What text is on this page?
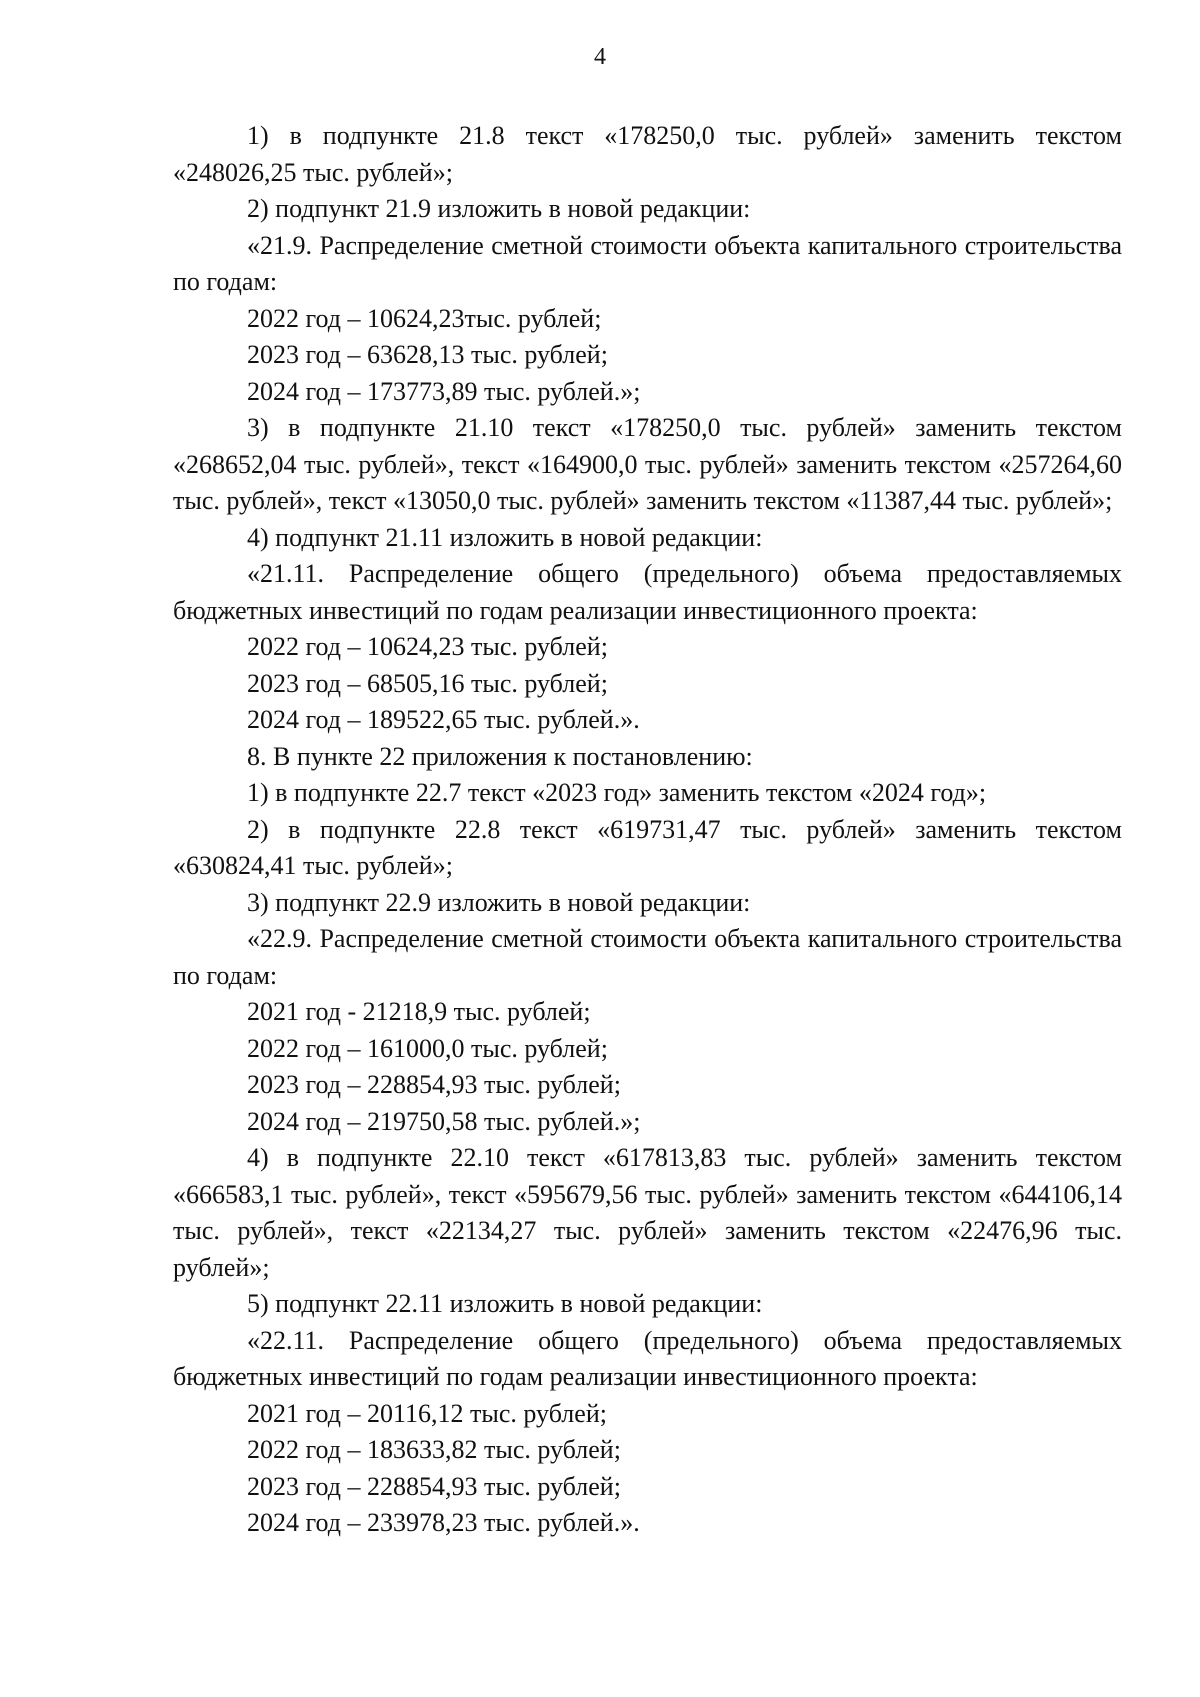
4

1) в подпункте 21.8 текст «178250,0 тыс. рублей» заменить текстом «248026,25 тыс. рублей»;

2) подпункт 21.9 изложить в новой редакции:

«21.9. Распределение сметной стоимости объекта капитального строительства по годам:

2022 год – 10624,23тыс. рублей;

2023 год – 63628,13 тыс. рублей;

2024 год – 173773,89 тыс. рублей.»;

3) в подпункте 21.10 текст «178250,0 тыс. рублей» заменить текстом «268652,04 тыс. рублей», текст «164900,0 тыс. рублей» заменить текстом «257264,60 тыс. рублей», текст «13050,0 тыс. рублей» заменить текстом «11387,44 тыс. рублей»;

4) подпункт 21.11 изложить в новой редакции:

«21.11. Распределение общего (предельного) объема предоставляемых бюджетных инвестиций по годам реализации инвестиционного проекта:

2022 год – 10624,23 тыс. рублей;

2023 год – 68505,16 тыс. рублей;

2024 год – 189522,65 тыс. рублей.».

8. В пункте 22 приложения к постановлению:

1) в подпункте 22.7 текст «2023 год» заменить текстом «2024 год»;

2) в подпункте 22.8 текст «619731,47 тыс. рублей» заменить текстом «630824,41 тыс. рублей»;

3) подпункт 22.9 изложить в новой редакции:

«22.9. Распределение сметной стоимости объекта капитального строительства по годам:

2021 год - 21218,9 тыс. рублей;

2022 год – 161000,0 тыс. рублей;

2023 год – 228854,93 тыс. рублей;

2024 год – 219750,58 тыс. рублей.»;

4) в подпункте 22.10 текст «617813,83 тыс. рублей» заменить текстом «666583,1 тыс. рублей», текст «595679,56 тыс. рублей» заменить текстом «644106,14 тыс. рублей», текст «22134,27 тыс. рублей» заменить текстом «22476,96 тыс. рублей»;

5) подпункт 22.11 изложить в новой редакции:

«22.11. Распределение общего (предельного) объема предоставляемых бюджетных инвестиций по годам реализации инвестиционного проекта:

2021 год – 20116,12 тыс. рублей;

2022 год – 183633,82 тыс. рублей;

2023 год – 228854,93 тыс. рублей;

2024 год – 233978,23 тыс. рублей.».
